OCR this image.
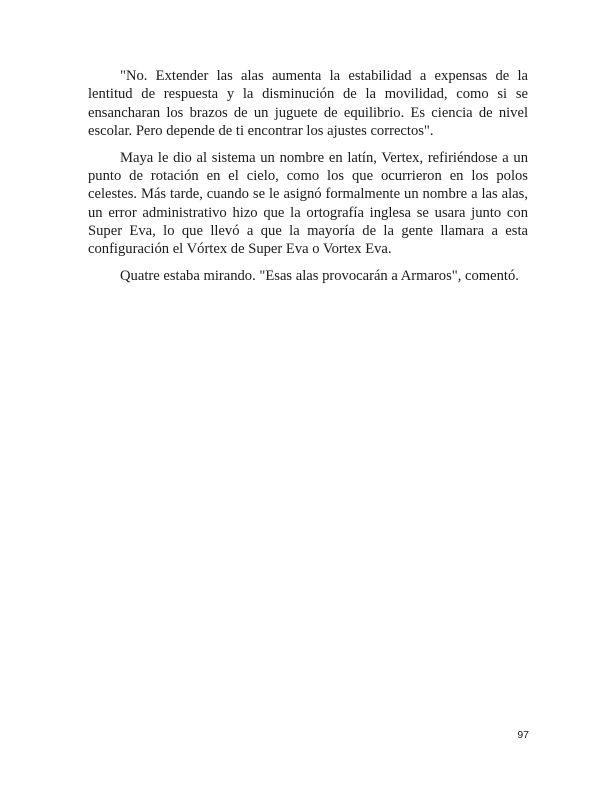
"No. Extender las alas aumenta la estabilidad a expensas de la lentitud de respuesta y la disminución de la movilidad, como si se ensancharan los brazos de un juguete de equilibrio. Es ciencia de nivel escolar. Pero depende de ti encontrar los ajustes correctos".

Maya le dio al sistema un nombre en latín, Vertex, refiriéndose a un punto de rotación en el cielo, como los que ocurrieron en los polos celestes. Más tarde, cuando se le asignó formalmente un nombre a las alas, un error administrativo hizo que la ortografía inglesa se usara junto con Super Eva, lo que llevó a que la mayoría de la gente llamara a esta configuración el Vórtex de Super Eva o Vortex Eva.

Quatre estaba mirando. "Esas alas provocarán a Armaros", comentó.

97
